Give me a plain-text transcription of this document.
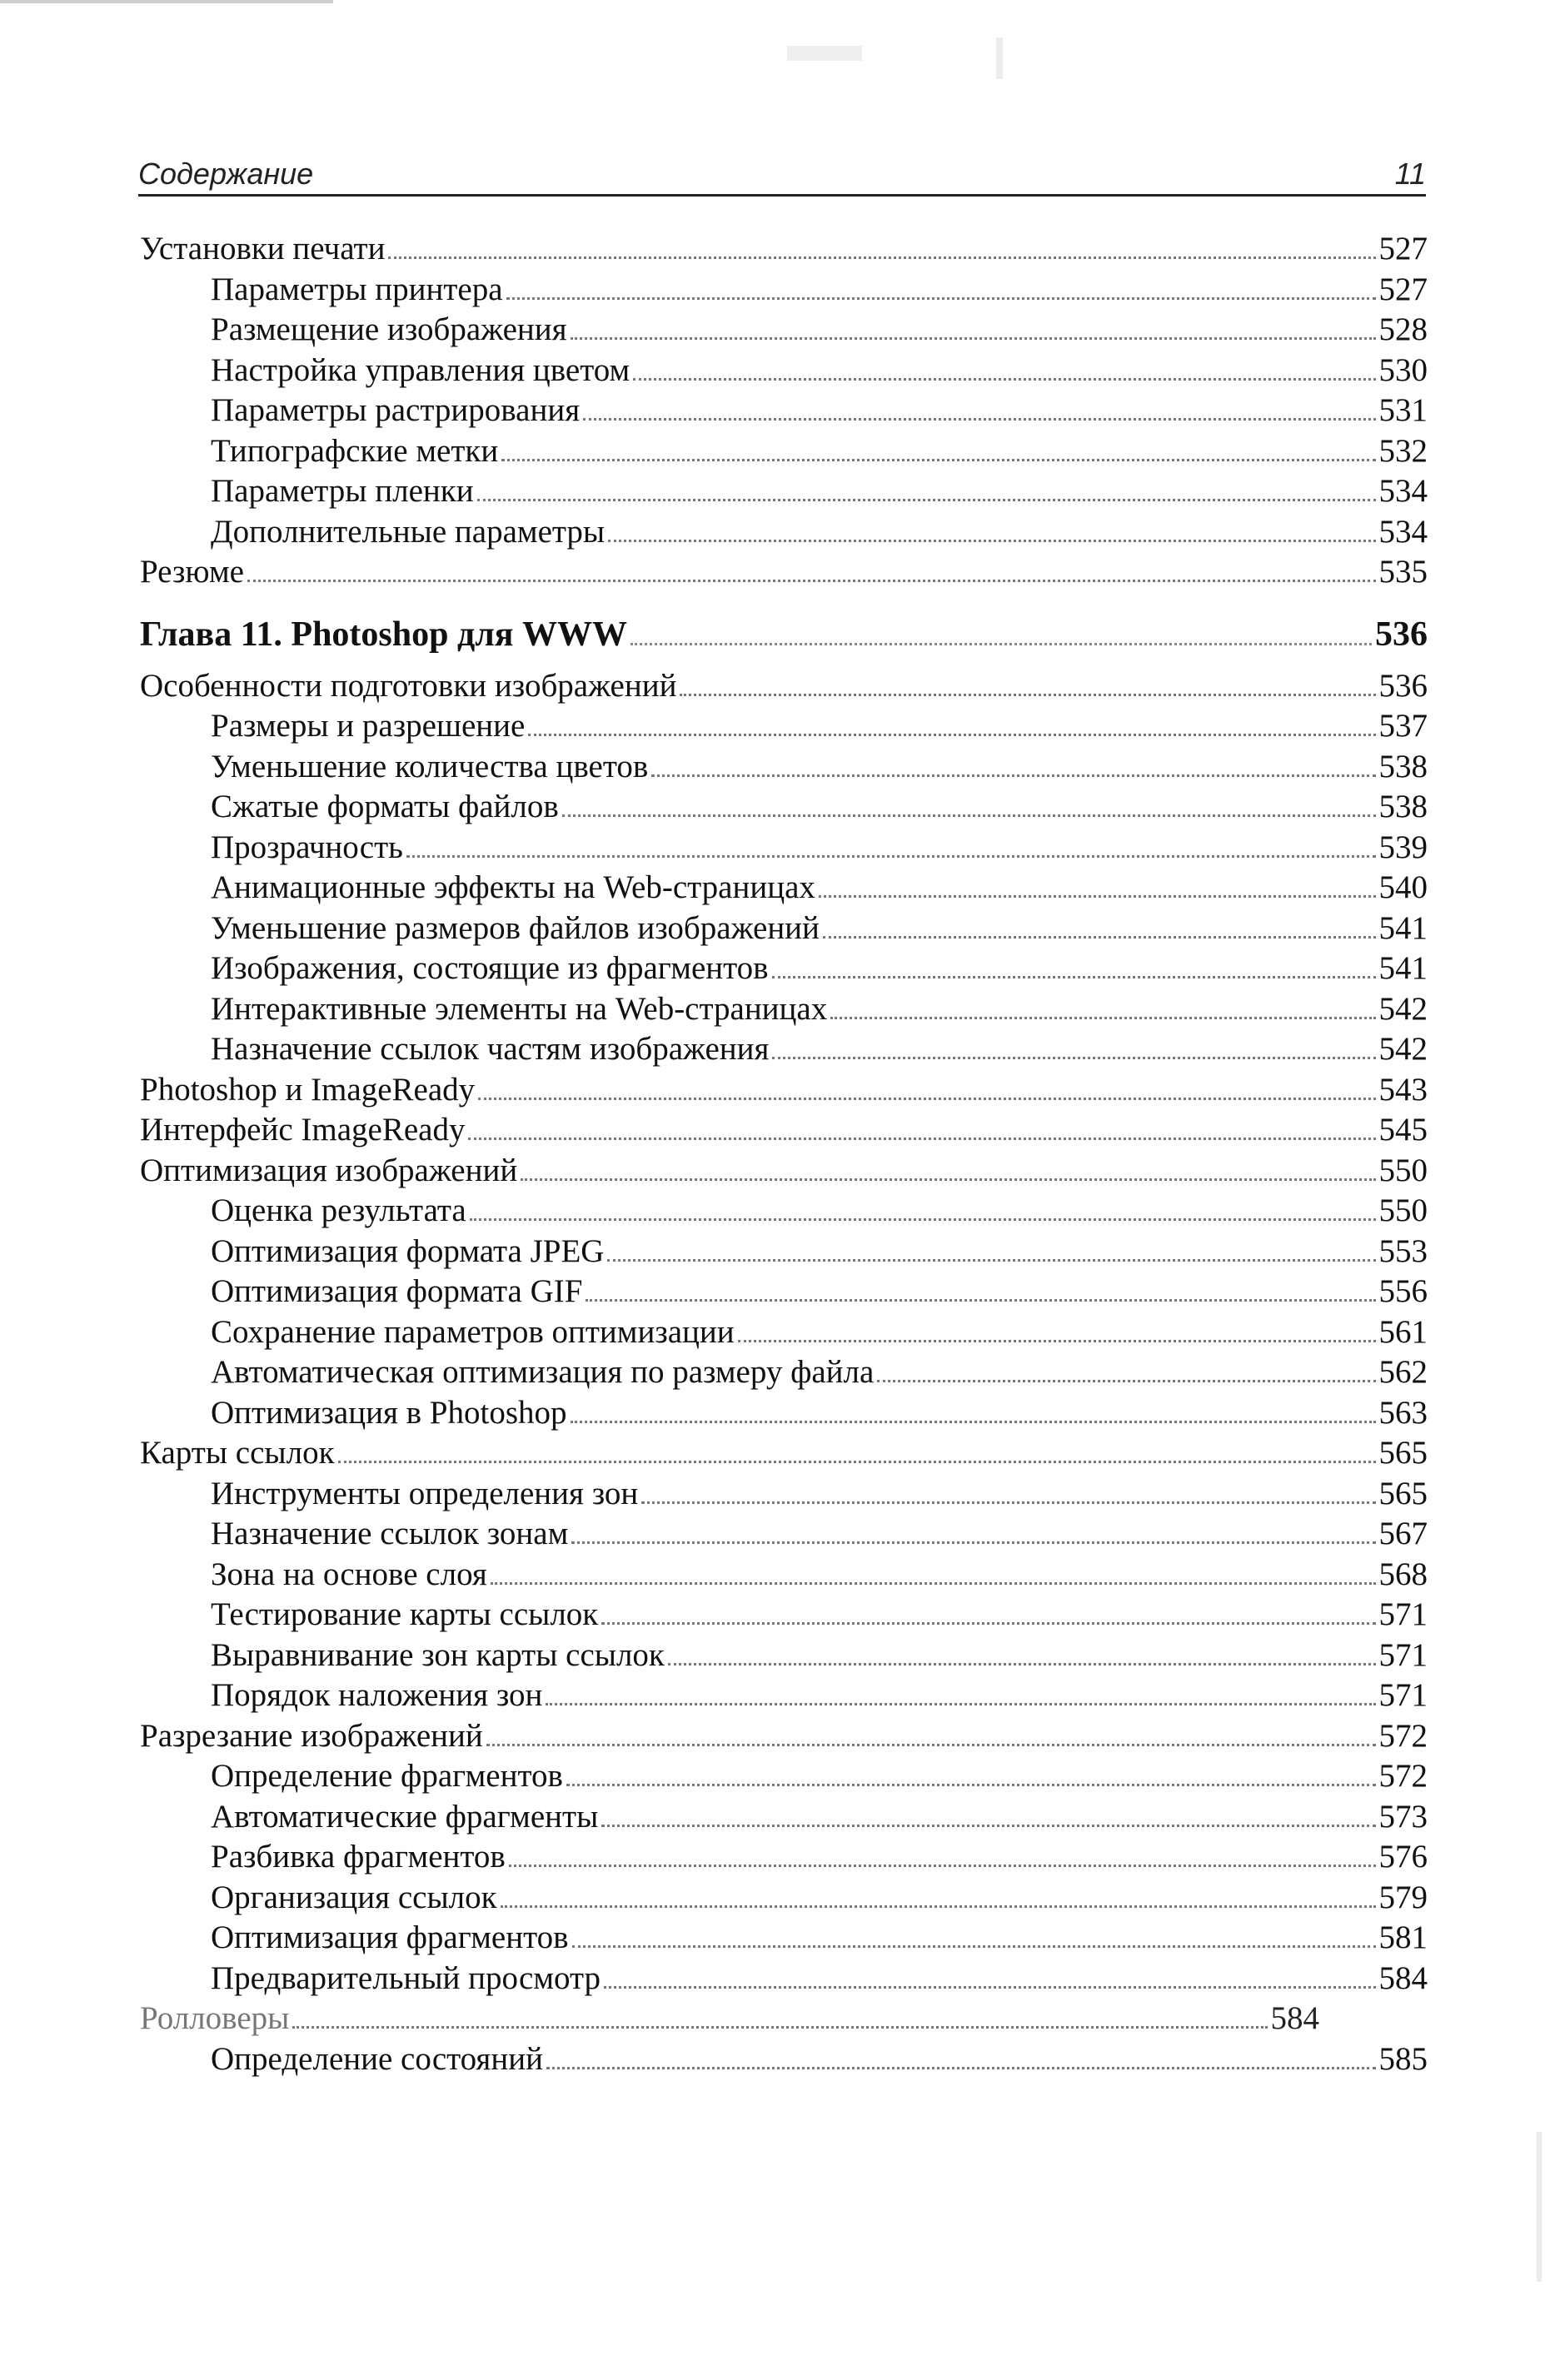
Содержание	11
Установки печати	527
Параметры принтера	527
Размещение изображения	528
Настройка управления цветом	530
Параметры растрирования	531
Типографские метки	532
Параметры пленки	534
Дополнительные параметры	534
Резюме	535
Глава 11. Photoshop для WWW	536
Особенности подготовки изображений	536
Размеры и разрешение	537
Уменьшение количества цветов	538
Сжатые форматы файлов	538
Прозрачность	539
Анимационные эффекты на Web-страницах	540
Уменьшение размеров файлов изображений	541
Изображения, состоящие из фрагментов	541
Интерактивные элементы на Web-страницах	542
Назначение ссылок частям изображения	542
Photoshop и ImageReady	543
Интерфейс ImageReady	545
Оптимизация изображений	550
Оценка результата	550
Оптимизация формата JPEG	553
Оптимизация формата GIF	556
Сохранение параметров оптимизации	561
Автоматическая оптимизация по размеру файла	562
Оптимизация в Photoshop	563
Карты ссылок	565
Инструменты определения зон	565
Назначение ссылок зонам	567
Зона на основе слоя	568
Тестирование карты ссылок	571
Выравнивание зон карты ссылок	571
Порядок наложения зон	571
Разрезание изображений	572
Определение фрагментов	572
Автоматические фрагменты	573
Разбивка фрагментов	576
Организация ссылок	579
Оптимизация фрагментов	581
Предварительный просмотр	584
Ролловеры	584
Определение состояний	585
